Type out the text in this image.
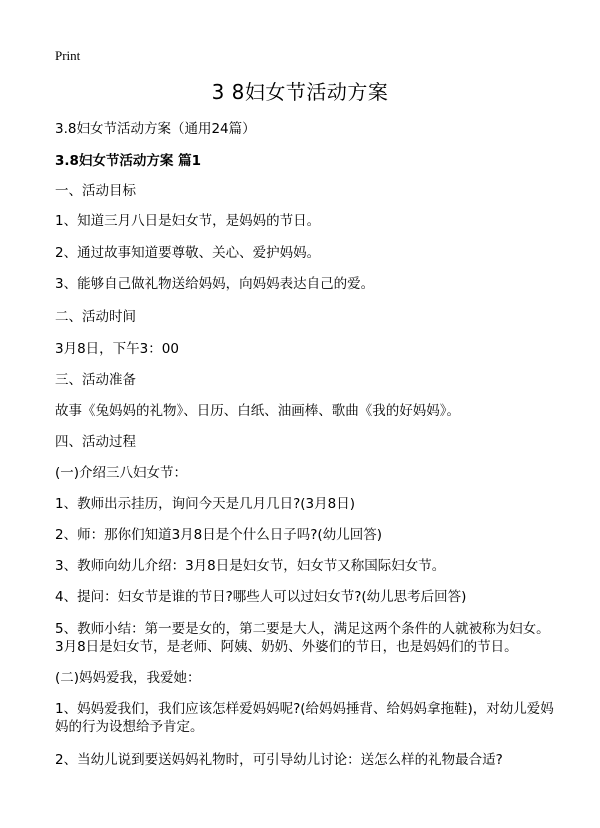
Print
3 8妇女节活动方案
3.8妇女节活动方案（通用24篇）
3.8妇女节活动方案 篇1
一、活动目标
1、知道三月八日是妇女节，是妈妈的节日。
2、通过故事知道要尊敬、关心、爱护妈妈。
3、能够自己做礼物送给妈妈，向妈妈表达自己的爱。
二、活动时间
3月8日，下午3：00
三、活动准备
故事《兔妈妈的礼物》、日历、白纸、油画棒、歌曲《我的好妈妈》。
四、活动过程
(一)介绍三八妇女节：
1、教师出示挂历，询问今天是几月几日?(3月8日)
2、师：那你们知道3月8日是个什么日子吗?(幼儿回答)
3、教师向幼儿介绍：3月8日是妇女节，妇女节又称国际妇女节。
4、提问：妇女节是谁的节日?哪些人可以过妇女节?(幼儿思考后回答)
5、教师小结：第一要是女的，第二要是大人，满足这两个条件的人就被称为妇女。3月8日是妇女节，是老师、阿姨、奶奶、外婆们的节日，也是妈妈们的节日。
(二)妈妈爱我，我爱她：
1、妈妈爱我们，我们应该怎样爱妈妈呢?(给妈妈捶背、给妈妈拿拖鞋)，对幼儿爱妈妈的行为设想给予肯定。
2、当幼儿说到要送妈妈礼物时，可引导幼儿讨论：送怎么样的礼物最合适?
